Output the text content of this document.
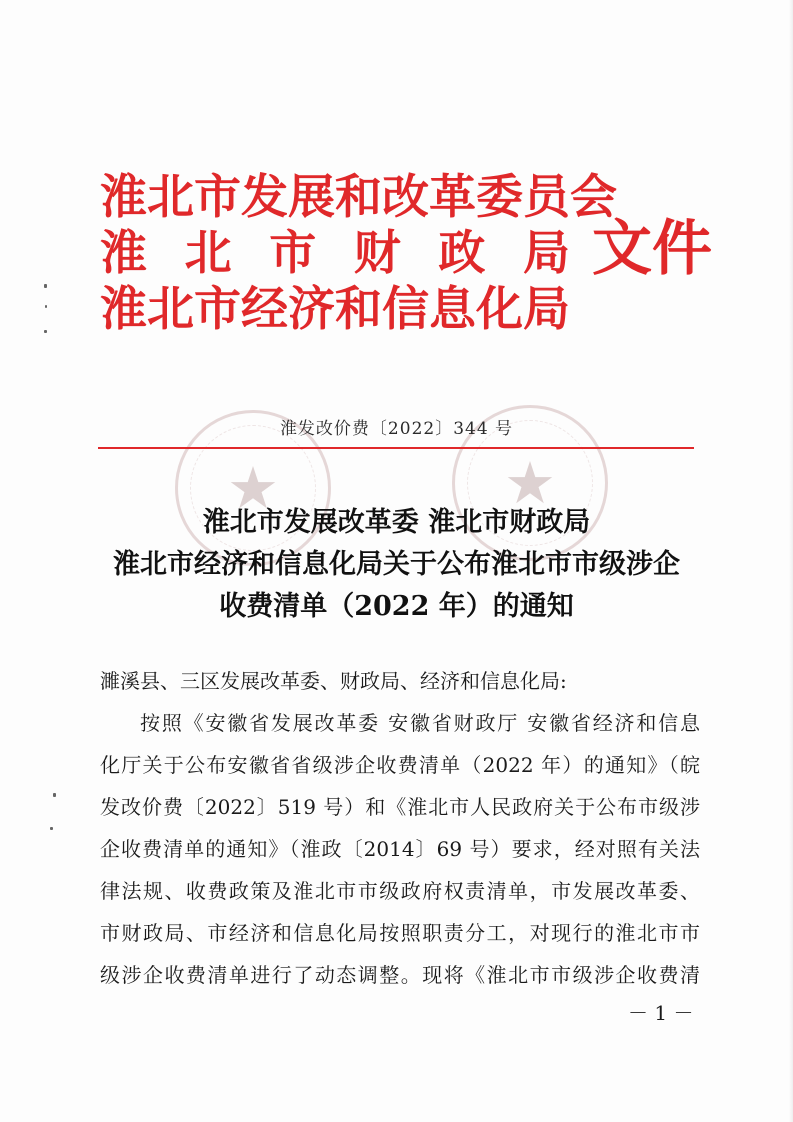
淮 北 市 发 展 和 改 革 委 员 会
淮 北 市 财 政 局
淮 北 市 经 济 和 信 息 化 局
文件
★	★
淮发改价费〔2022〕344 号
淮北市发展改革委 淮北市财政局
淮北市经济和信息化局关于公布淮北市市级涉企
收费清单（2022 年）的通知
濉溪县、三区发展改革委、财政局、经济和信息化局:
按照《安徽省发展改革委 安徽省财政厅 安徽省经济和信息
化厅关于公布安徽省省级涉企收费清单（2022 年）的通知》（皖
发改价费〔2022〕519 号）和《淮北市人民政府关于公布市级涉
企收费清单的通知》（淮政〔2014〕69 号）要求，经对照有关法
律法规、收费政策及淮北市市级政府权责清单，市发展改革委、
市财政局、市经济和信息化局按照职责分工，对现行的淮北市市
级涉企收费清单进行了动态调整。现将《淮北市市级涉企收费清
－ 1 －
